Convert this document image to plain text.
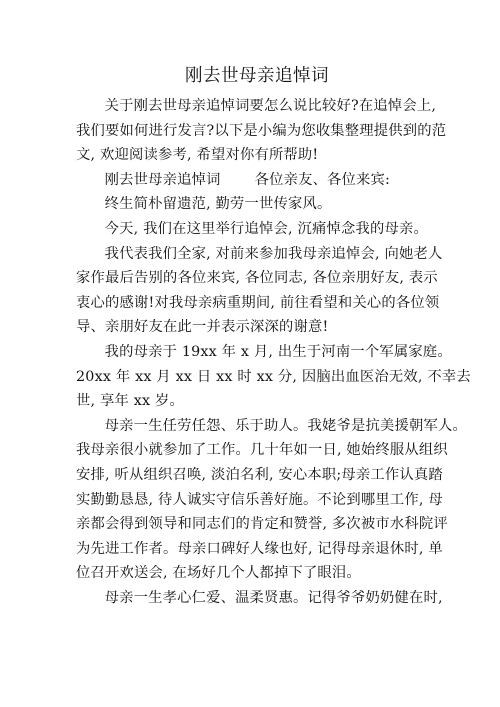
刚去世母亲追悼词
关于刚去世母亲追悼词要怎么说比较好?在追悼会上,
我们要如何进行发言?以下是小编为您收集整理提供到的范
文, 欢迎阅读参考, 希望对你有所帮助!
刚去世母亲追悼词 各位亲友、各位来宾:
终生简朴留遗范, 勤劳一世传家风。
今天, 我们在这里举行追悼会, 沉痛悼念我的母亲。
我代表我们全家, 对前来参加我母亲追悼会, 向她老人
家作最后告别的各位来宾, 各位同志, 各位亲朋好友, 表示
衷心的感谢!对我母亲病重期间, 前往看望和关心的各位领
导、亲朋好友在此一并表示深深的谢意!
我的母亲于 19xx 年 x 月, 出生于河南一个军属家庭。
20xx 年 xx 月 xx 日 xx 时 xx 分, 因脑出血医治无效, 不幸去
世, 享年 xx 岁。
母亲一生任劳任怨、乐于助人。我姥爷是抗美援朝军人。
我母亲很小就参加了工作。几十年如一日, 她始终服从组织
安排, 听从组织召唤, 淡泊名利, 安心本职;母亲工作认真踏
实勤勤恳恳, 待人诚实守信乐善好施。不论到哪里工作, 母
亲都会得到领导和同志们的肯定和赞誉, 多次被市水科院评
为先进工作者。母亲口碑好人缘也好, 记得母亲退休时, 单
位召开欢送会, 在场好几个人都掉下了眼泪。
母亲一生孝心仁爱、温柔贤惠。记得爷爷奶奶健在时,
